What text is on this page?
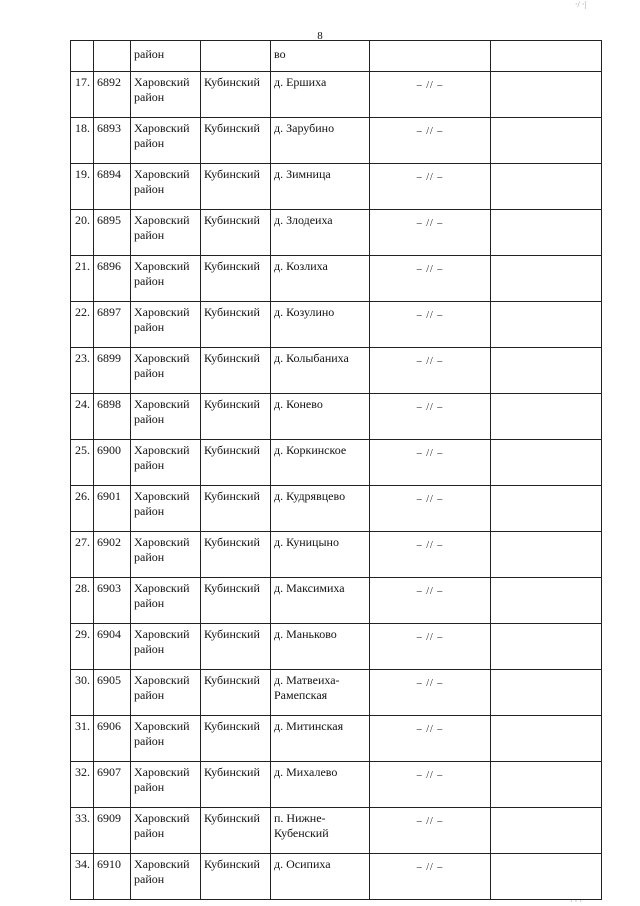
·/ ·|
8
		район		во		
17.	6892	Харовский район	Кубинский	д. Ершиха	– // –	
18.	6893	Харовский район	Кубинский	д. Зарубино	– // –	
19.	6894	Харовский район	Кубинский	д. Зимница	– // –	
20.	6895	Харовский район	Кубинский	д. Злодеиха	– // –	
21.	6896	Харовский район	Кубинский	д. Козлиха	– // –	
22.	6897	Харовский район	Кубинский	д. Козулино	– // –	
23.	6899	Харовский район	Кубинский	д. Колыбаниха	– // –	
24.	6898	Харовский район	Кубинский	д. Конево	– // –	
25.	6900	Харовский район	Кубинский	д. Коркинское	– // –	
26.	6901	Харовский район	Кубинский	д. Кудрявцево	– // –	
27.	6902	Харовский район	Кубинский	д. Куницыно	– // –	
28.	6903	Харовский район	Кубинский	д. Максимиха	– // –	
29.	6904	Харовский район	Кубинский	д. Маньково	– // –	
30.	6905	Харовский район	Кубинский	д. Матвеиха-Рамепская	– // –	
31.	6906	Харовский район	Кубинский	д. Митинская	– // –	
32.	6907	Харовский район	Кубинский	д. Михалево	– // –	
33.	6909	Харовский район	Кубинский	п. Нижне-Кубенский	– // –	
34.	6910	Харовский район	Кубинский	д. Осипиха	– // –	
· · ·
